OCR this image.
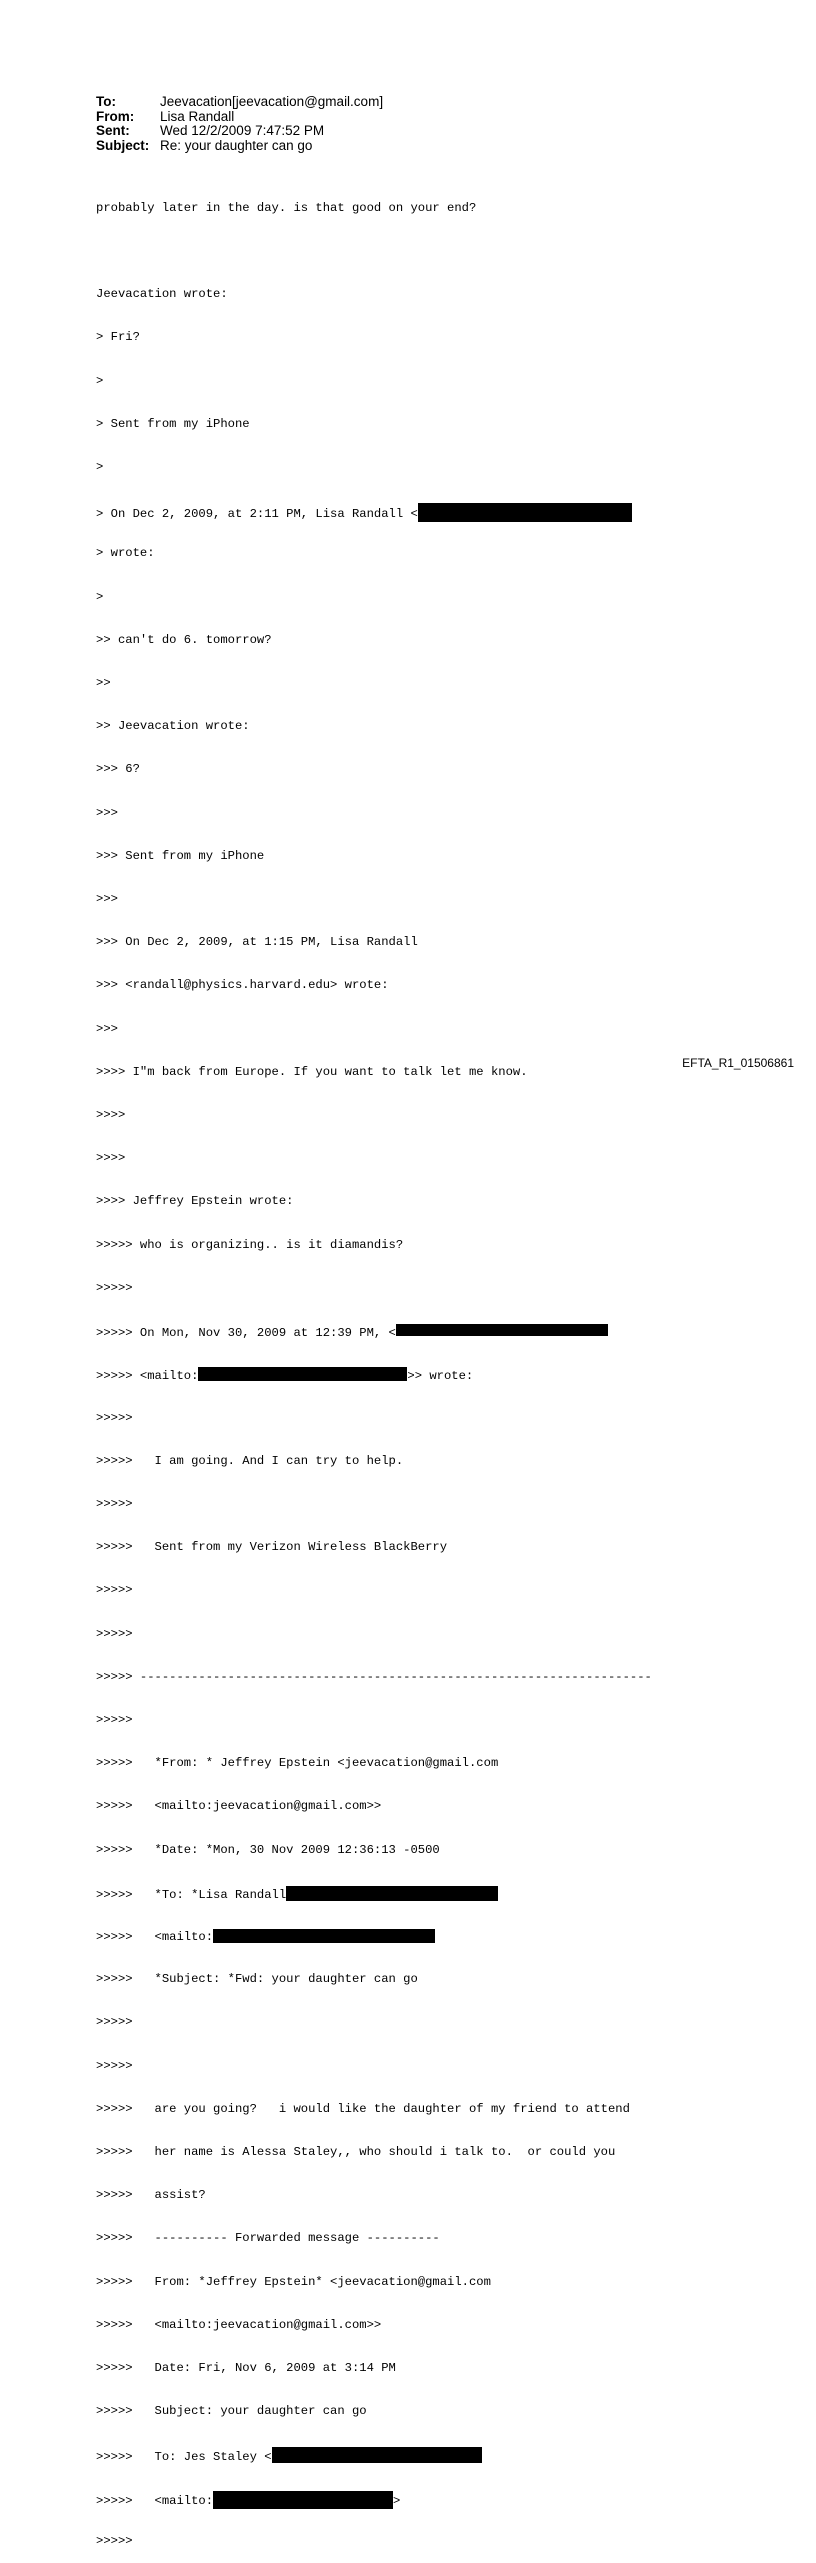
To:	Jeevacation[jeevacation@gmail.com]
From:	Lisa Randall
Sent:	Wed 12/2/2009 7:47:52 PM
Subject: Re: your daughter can go

probably later in the day. is that good on your end?

Jeevacation wrote:

> Fri?

>

> Sent from my iPhone

>

> On Dec 2, 2009, at 2:11 PM, Lisa Randall <

> wrote:

>

>> can't do 6. tomorrow?

>>

>> Jeevacation wrote:

>>> 6?

>>>

>>> Sent from my iPhone

>>>

>>> On Dec 2, 2009, at 1:15 PM, Lisa Randall

>>> <randall@physics.harvard.edu> wrote:

>>>

>>>> I"m back from Europe. If you want to talk let me know.

>>>>

>>>>

>>>> Jeffrey Epstein wrote:

>>>>> who is organizing.. is it diamandis?

>>>>>

>>>>> On Mon, Nov 30, 2009 at 12:39 PM, <

>>>>> <mailto:	>> wrote:

>>>>>

>>>>>   I am going. And I can try to help.

>>>>>

>>>>>   Sent from my Verizon Wireless BlackBerry

>>>>>

>>>>>

>>>>> ----------------------------------------------------------------------

>>>>>

>>>>>   *From: * Jeffrey Epstein <jeevacation@gmail.com

>>>>>   <mailto:jeevacation@gmail.com>>

>>>>>   *Date: *Mon, 30 Nov 2009 12:36:13 -0500

>>>>>   *To: *Lisa Randall

>>>>>   <mailto:

>>>>>   *Subject: *Fwd: your daughter can go

>>>>>

>>>>>

>>>>>   are you going?   i would like the daughter of my friend to attend

>>>>>   her name is Alessa Staley,, who should i talk to.  or could you

>>>>>   assist?

>>>>>   ---------- Forwarded message ----------

>>>>>   From: *Jeffrey Epstein* <jeevacation@gmail.com

>>>>>   <mailto:jeevacation@gmail.com>>

>>>>>   Date: Fri, Nov 6, 2009 at 3:14 PM

>>>>>   Subject: your daughter can go

>>>>>   To: Jes Staley <

>>>>>   <mailto:	>

>>>>>

EFTA_R1_01506861
